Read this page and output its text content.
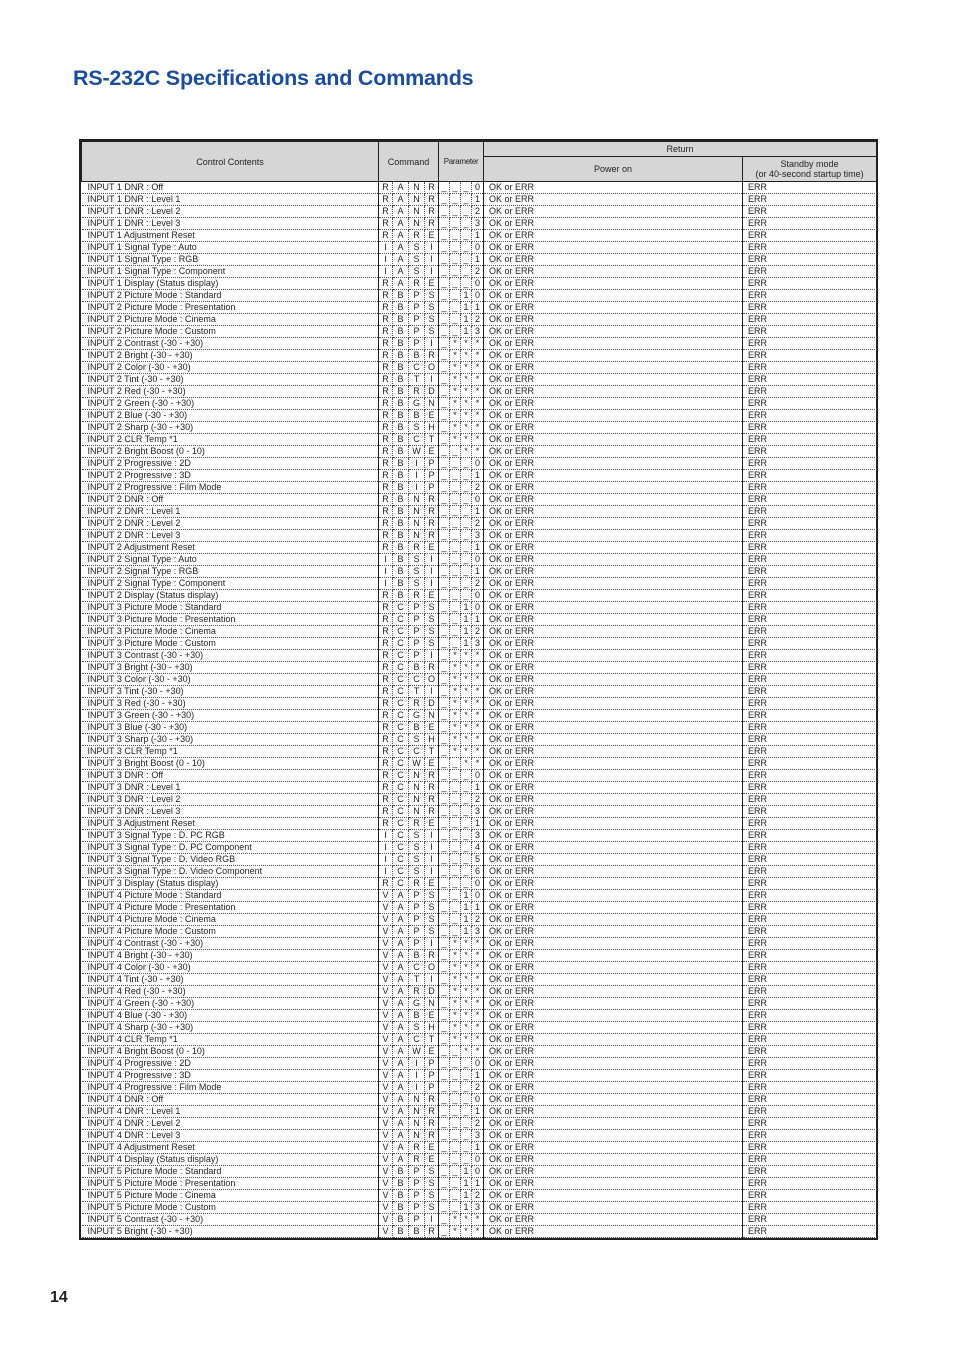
RS-232C Specifications and Commands
Control Contents	Command				Parameter				Return	
									Power on	Standby mode
(or 40-second startup time)

INPUT 1 DNR : Off	R	A	N	R	_	_	_	0	OK or ERR	ERR
INPUT 1 DNR : Level 1	R	A	N	R	_	_	_	1	OK or ERR	ERR
INPUT 1 DNR : Level 2	R	A	N	R	_	_	_	2	OK or ERR	ERR
INPUT 1 DNR : Level 3	R	A	N	R	_	_	_	3	OK or ERR	ERR
INPUT 1 Adjustment Reset	R	A	R	E	_	_	_	1	OK or ERR	ERR
INPUT 1 Signal Type : Auto	I	A	S	I	_	_	_	0	OK or ERR	ERR
INPUT 1 Signal Type : RGB	I	A	S	I	_	_	_	1	OK or ERR	ERR
INPUT 1 Signal Type : Component	I	A	S	I	_	_	_	2	OK or ERR	ERR
INPUT 1 Display (Status display)	R	A	R	E	_	_	_	0	OK or ERR	ERR
INPUT 2 Picture Mode : Standard	R	B	P	S	_	_	1	0	OK or ERR	ERR
INPUT 2 Picture Mode : Presentation	R	B	P	S	_	_	1	1	OK or ERR	ERR
INPUT 2 Picture Mode : Cinema	R	B	P	S	_	_	1	2	OK or ERR	ERR
INPUT 2 Picture Mode : Custom	R	B	P	S	_	_	1	3	OK or ERR	ERR
INPUT 2 Contrast (-30 - +30)	R	B	P	I	_	*	*	*	OK or ERR	ERR
INPUT 2 Bright (-30 - +30)	R	B	B	R	_	*	*	*	OK or ERR	ERR
INPUT 2 Color (-30 - +30)	R	B	C	O	_	*	*	*	OK or ERR	ERR
INPUT 2 Tint (-30 - +30)	R	B	T	I	_	*	*	*	OK or ERR	ERR
INPUT 2 Red (-30 - +30)	R	B	R	D	_	*	*	*	OK or ERR	ERR
INPUT 2 Green (-30 - +30)	R	B	G	N	_	*	*	*	OK or ERR	ERR
INPUT 2 Blue (-30 - +30)	R	B	B	E	_	*	*	*	OK or ERR	ERR
INPUT 2 Sharp (-30 - +30)	R	B	S	H	_	*	*	*	OK or ERR	ERR
INPUT 2 CLR Temp *1	R	B	C	T	_	*	*	*	OK or ERR	ERR
INPUT 2 Bright Boost (0 - 10)	R	B	W	E	_	_	*	*	OK or ERR	ERR
INPUT 2 Progressive : 2D	R	B	I	P	_	_	_	0	OK or ERR	ERR
INPUT 2 Progressive : 3D	R	B	I	P	_	_	_	1	OK or ERR	ERR
INPUT 2 Progressive : Film Mode	R	B	I	P	_	_	_	2	OK or ERR	ERR
INPUT 2 DNR : Off	R	B	N	R	_	_	_	0	OK or ERR	ERR
INPUT 2 DNR : Level 1	R	B	N	R	_	_	_	1	OK or ERR	ERR
INPUT 2 DNR : Level 2	R	B	N	R	_	_	_	2	OK or ERR	ERR
INPUT 2 DNR : Level 3	R	B	N	R	_	_	_	3	OK or ERR	ERR
INPUT 2 Adjustment Reset	R	B	R	E	_	_	_	1	OK or ERR	ERR
INPUT 2 Signal Type : Auto	I	B	S	I	_	_	_	0	OK or ERR	ERR
INPUT 2 Signal Type : RGB	I	B	S	I	_	_	_	1	OK or ERR	ERR
INPUT 2 Signal Type : Component	I	B	S	I	_	_	_	2	OK or ERR	ERR
INPUT 2 Display (Status display)	R	B	R	E	_	_	_	0	OK or ERR	ERR
INPUT 3 Picture Mode : Standard	R	C	P	S	_	_	1	0	OK or ERR	ERR
INPUT 3 Picture Mode : Presentation	R	C	P	S	_	_	1	1	OK or ERR	ERR
INPUT 3 Picture Mode : Cinema	R	C	P	S	_	_	1	2	OK or ERR	ERR
INPUT 3 Picture Mode : Custom	R	C	P	S	_	_	1	3	OK or ERR	ERR
INPUT 3 Contrast (-30 - +30)	R	C	P	I	_	*	*	*	OK or ERR	ERR
INPUT 3 Bright (-30 - +30)	R	C	B	R	_	*	*	*	OK or ERR	ERR
INPUT 3 Color (-30 - +30)	R	C	C	O	_	*	*	*	OK or ERR	ERR
INPUT 3 Tint (-30 - +30)	R	C	T	I	_	*	*	*	OK or ERR	ERR
INPUT 3 Red (-30 - +30)	R	C	R	D	_	*	*	*	OK or ERR	ERR
INPUT 3 Green (-30 - +30)	R	C	G	N	_	*	*	*	OK or ERR	ERR
INPUT 3 Blue (-30 - +30)	R	C	B	E	_	*	*	*	OK or ERR	ERR
INPUT 3 Sharp (-30 - +30)	R	C	S	H	_	*	*	*	OK or ERR	ERR
INPUT 3 CLR Temp *1	R	C	C	T	_	*	*	*	OK or ERR	ERR
INPUT 3 Bright Boost (0 - 10)	R	C	W	E	_	_	*	*	OK or ERR	ERR
INPUT 3 DNR : Off	R	C	N	R	_	_	_	0	OK or ERR	ERR
INPUT 3 DNR : Level 1	R	C	N	R	_	_	_	1	OK or ERR	ERR
INPUT 3 DNR : Level 2	R	C	N	R	_	_	_	2	OK or ERR	ERR
INPUT 3 DNR : Level 3	R	C	N	R	_	_	_	3	OK or ERR	ERR
INPUT 3 Adjustment Reset	R	C	R	E	_	_	_	1	OK or ERR	ERR
INPUT 3 Signal Type : D. PC RGB	I	C	S	I	_	_	_	3	OK or ERR	ERR
INPUT 3 Signal Type : D. PC Component	I	C	S	I	_	_	_	4	OK or ERR	ERR
INPUT 3 Signal Type : D. Video RGB	I	C	S	I	_	_	_	5	OK or ERR	ERR
INPUT 3 Signal Type : D. Video Component	I	C	S	I	_	_	_	6	OK or ERR	ERR
INPUT 3 Display (Status display)	R	C	R	E	_	_	_	0	OK or ERR	ERR
INPUT 4 Picture Mode : Standard	V	A	P	S	_	_	1	0	OK or ERR	ERR
INPUT 4 Picture Mode : Presentation	V	A	P	S	_	_	1	1	OK or ERR	ERR
INPUT 4 Picture Mode : Cinema	V	A	P	S	_	_	1	2	OK or ERR	ERR
INPUT 4 Picture Mode : Custom	V	A	P	S	_	_	1	3	OK or ERR	ERR
INPUT 4 Contrast (-30 - +30)	V	A	P	I	_	*	*	*	OK or ERR	ERR
INPUT 4 Bright (-30 - +30)	V	A	B	R	_	*	*	*	OK or ERR	ERR
INPUT 4 Color (-30 - +30)	V	A	C	O	_	*	*	*	OK or ERR	ERR
INPUT 4 Tint (-30 - +30)	V	A	T	I	_	*	*	*	OK or ERR	ERR
INPUT 4 Red (-30 - +30)	V	A	R	D	_	*	*	*	OK or ERR	ERR
INPUT 4 Green (-30 - +30)	V	A	G	N	_	*	*	*	OK or ERR	ERR
INPUT 4 Blue (-30 - +30)	V	A	B	E	_	*	*	*	OK or ERR	ERR
INPUT 4 Sharp (-30 - +30)	V	A	S	H	_	*	*	*	OK or ERR	ERR
INPUT 4 CLR Temp *1	V	A	C	T	_	*	*	*	OK or ERR	ERR
INPUT 4 Bright Boost (0 - 10)	V	A	W	E	_	_	*	*	OK or ERR	ERR
INPUT 4 Progressive : 2D	V	A	I	P	_	_	_	0	OK or ERR	ERR
INPUT 4 Progressive : 3D	V	A	I	P	_	_	_	1	OK or ERR	ERR
INPUT 4 Progressive : Film Mode	V	A	I	P	_	_	_	2	OK or ERR	ERR
INPUT 4 DNR : Off	V	A	N	R	_	_	_	0	OK or ERR	ERR
INPUT 4 DNR : Level 1	V	A	N	R	_	_	_	1	OK or ERR	ERR
INPUT 4 DNR : Level 2	V	A	N	R	_	_	_	2	OK or ERR	ERR
INPUT 4 DNR : Level 3	V	A	N	R	_	_	_	3	OK or ERR	ERR
INPUT 4 Adjustment Reset	V	A	R	E	_	_	_	1	OK or ERR	ERR
INPUT 4 Display (Status display)	V	A	R	E	_	_	_	0	OK or ERR	ERR
INPUT 5 Picture Mode : Standard	V	B	P	S	_	_	1	0	OK or ERR	ERR
INPUT 5 Picture Mode : Presentation	V	B	P	S	_	_	1	1	OK or ERR	ERR
INPUT 5 Picture Mode : Cinema	V	B	P	S	_	_	1	2	OK or ERR	ERR
INPUT 5 Picture Mode : Custom	V	B	P	S	_	_	1	3	OK or ERR	ERR
INPUT 5 Contrast (-30 - +30)	V	B	P	I	_	*	*	*	OK or ERR	ERR
INPUT 5 Bright (-30 - +30)	V	B	B	R	_	*	*	*	OK or ERR	ERR
14
